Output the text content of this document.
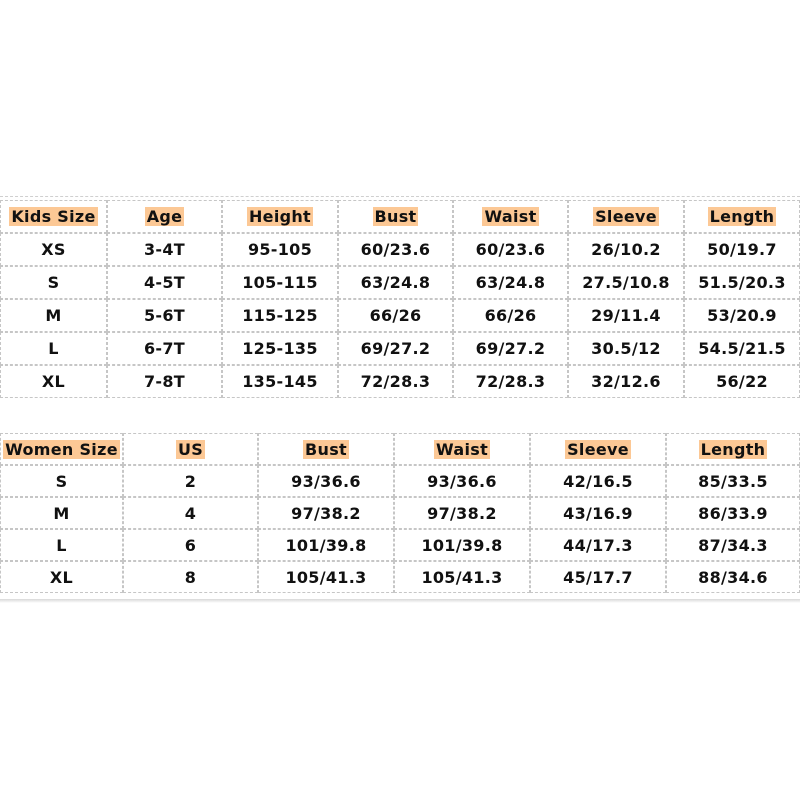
Kids Size	Age	Height	Bust	Waist	Sleeve	Length
XS	3-4T	95-105	60/23.6	60/23.6	26/10.2	50/19.7
S	4-5T	105-115	63/24.8	63/24.8	27.5/10.8	51.5/20.3
M	5-6T	115-125	66/26	66/26	29/11.4	53/20.9
L	6-7T	125-135	69/27.2	69/27.2	30.5/12	54.5/21.5
XL	7-8T	135-145	72/28.3	72/28.3	32/12.6	56/22
Women Size	US	Bust	Waist	Sleeve	Length
S	2	93/36.6	93/36.6	42/16.5	85/33.5
M	4	97/38.2	97/38.2	43/16.9	86/33.9
L	6	101/39.8	101/39.8	44/17.3	87/34.3
XL	8	105/41.3	105/41.3	45/17.7	88/34.6
